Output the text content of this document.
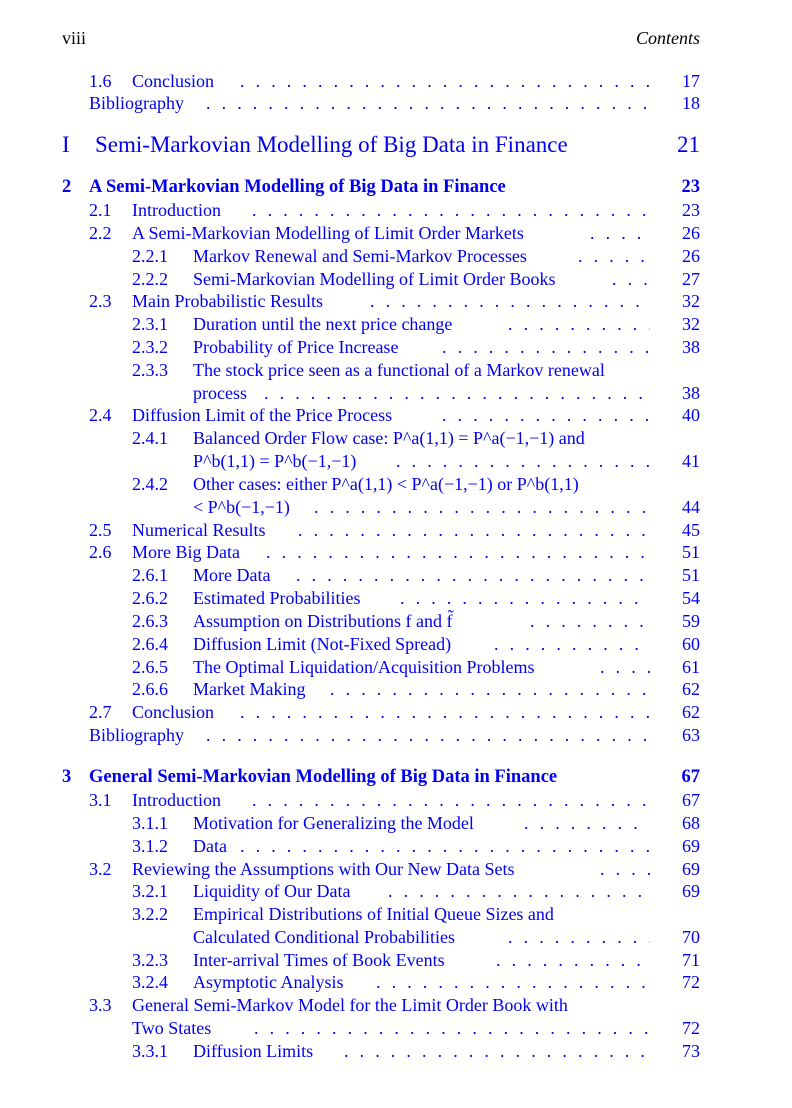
viii	Contents
1.6 Conclusion . . .	17
Bibliography . . .	18
I Semi-Markovian Modelling of Big Data in Finance	21
2 A Semi-Markovian Modelling of Big Data in Finance	23
2.1 Introduction . . .	23
2.2 A Semi-Markovian Modelling of Limit Order Markets . . .	26
2.2.1 Markov Renewal and Semi-Markov Processes . . .	26
2.2.2 Semi-Markovian Modelling of Limit Order Books . . .	27
2.3 Main Probabilistic Results . . .	32
2.3.1 Duration until the next price change . . .	32
2.3.2 Probability of Price Increase . . .	38
2.3.3 The stock price seen as a functional of a Markov renewal
process . . .	38
2.4 Diffusion Limit of the Price Process . . .	40
2.4.1 Balanced Order Flow case: P^a(1,1) = P^a(−1,−1) and
P^b(1,1) = P^b(−1,−1) . . .	41
2.4.2 Other cases: either P^a(1,1) < P^a(−1,−1) or P^b(1,1)
< P^b(−1,−1) . . .	44
2.5 Numerical Results . . .	45
2.6 More Big Data . . .	51
2.6.1 More Data . . .	51
2.6.2 Estimated Probabilities . . .	54
2.6.3 Assumption on Distributions f and f̃ . . .	59
2.6.4 Diffusion Limit (Not-Fixed Spread) . . .	60
2.6.5 The Optimal Liquidation/Acquisition Problems . . .	61
2.6.6 Market Making . . .	62
2.7 Conclusion . . .	62
Bibliography . . .	63
3 General Semi-Markovian Modelling of Big Data in Finance	67
3.1 Introduction . . .	67
3.1.1 Motivation for Generalizing the Model . . .	68
3.1.2 Data . . .	69
3.2 Reviewing the Assumptions with Our New Data Sets . . .	69
3.2.1 Liquidity of Our Data . . .	69
3.2.2 Empirical Distributions of Initial Queue Sizes and
Calculated Conditional Probabilities . . .	70
3.2.3 Inter-arrival Times of Book Events . . .	71
3.2.4 Asymptotic Analysis . . .	72
3.3 General Semi-Markov Model for the Limit Order Book with
Two States . . .	72
3.3.1 Diffusion Limits . . .	73
